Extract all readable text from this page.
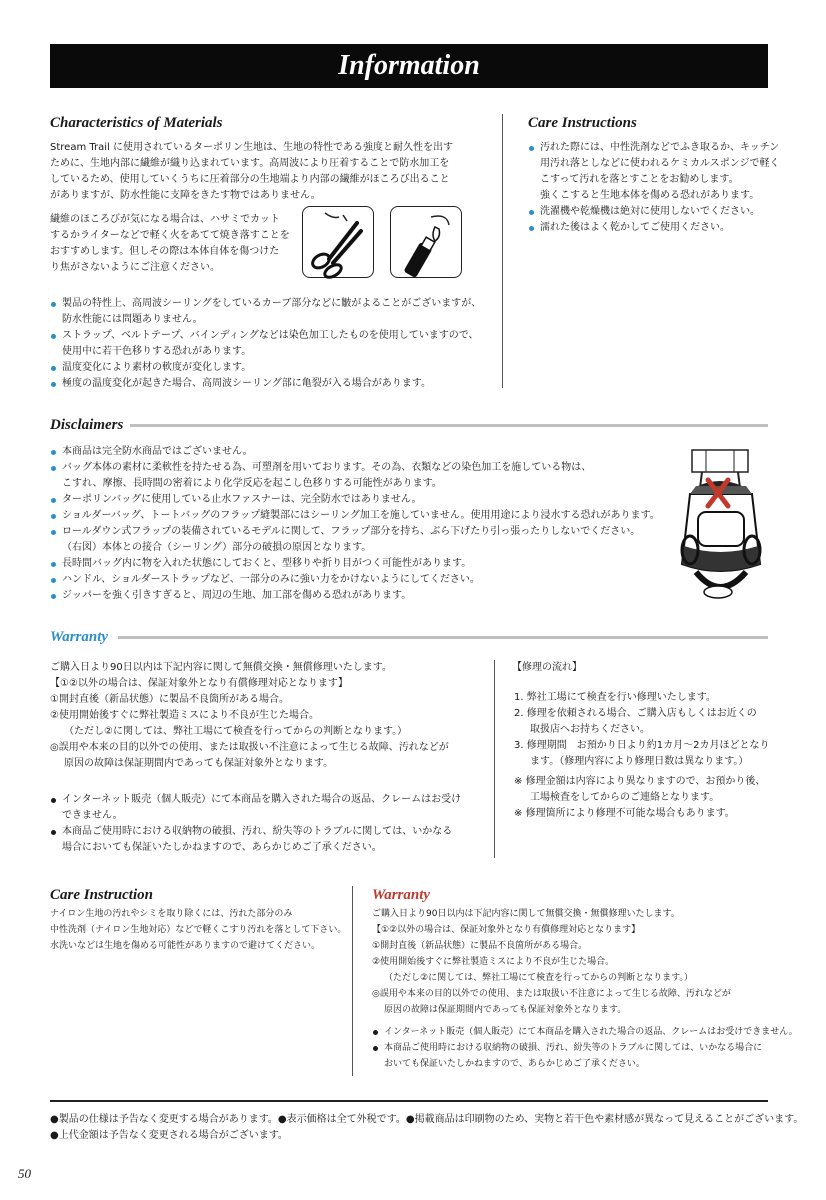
Information
Characteristics of Materials

Stream Trail に使用されているターポリン生地は、生地の特性である強度と耐久性を出す

ために、生地内部に繊維が織り込まれています。高周波により圧着することで防水加工を

しているため、使用していくうちに圧着部分の生地端より内部の繊維がほころび出ること

がありますが、防水性能に支障をきたす物ではありません。

繊維のほころびが気になる場合は、ハサミでカット

するかライターなどで軽く火をあてて焼き落すことを

おすすめします。但しその際は本体自体を傷つけた

り焦がさないようにご注意ください。

製品の特性上、高周波シーリングをしているカーブ部分などに皺がよることがございますが、
防水性能には問題ありません。
ストラップ、ベルトテープ、バインディングなどは染色加工したものを使用していますので、
使用中に若干色移りする恐れがあります。
温度変化により素材の軟度が変化します。
極度の温度変化が起きた場合、高周波シーリング部に亀裂が入る場合があります。
Care Instructions
汚れた際には、中性洗剤などでふき取るか、キッチン
用汚れ落としなどに使われるケミカルスポンジで軽く
こすって汚れを落とすことをお勧めします。
強くこすると生地本体を傷める恐れがあります。
洗濯機や乾燥機は絶対に使用しないでください。
濡れた後はよく乾かしてご使用ください。
Disclaimers
本商品は完全防水商品ではございません。
バッグ本体の素材に柔軟性を持たせる為、可塑剤を用いております。その為、衣類などの染色加工を施している物は、
こすれ、摩擦、長時間の密着により化学反応を起こし色移りする可能性があります。
ターポリンバッグに使用している止水ファスナーは、完全防水ではありません。
ショルダーバッグ、トートバッグのフラップ縫製部にはシーリング加工を施していません。使用用途により浸水する恐れがあります。
ロールダウン式フラップの装備されているモデルに関して、フラップ部分を持ち、ぶら下げたり引っ張ったりしないでください。
（右図）本体との接合（シーリング）部分の破損の原因となります。
長時間バッグ内に物を入れた状態にしておくと、型移りや折り目がつく可能性があります。
ハンドル、ショルダーストラップなど、一部分のみに強い力をかけないようにしてください。
ジッパーを強く引きすぎると、周辺の生地、加工部を傷める恐れがあります。
Warranty

ご購入日より90日以内は下記内容に関して無償交換・無償修理いたします。

【①②以外の場合は、保証対象外となり有償修理対応となります】

①開封直後（新品状態）に製品不良箇所がある場合。

②使用開始後すぐに弊社製造ミスにより不良が生じた場合。

（ただし②に関しては、弊社工場にて検査を行ってからの判断となります。）

◎誤用や本来の目的以外での使用、または取扱い不注意によって生じる故障、汚れなどが

原因の故障は保証期間内であっても保証対象外となります。

インターネット販売（個人販売）にて本商品を購入された場合の返品、クレームはお受け
できません。
本商品ご使用時における収納物の破損、汚れ、紛失等のトラブルに関しては、いかなる
場合においても保証いたしかねますので、あらかじめご了承ください。

【修理の流れ】

1. 弊社工場にて検査を行い修理いたします。

2. 修理を依頼される場合、ご購入店もしくはお近くの

取扱店へお持ちください。

3. 修理期間　お預かり日より約1カ月〜2カ月ほどとなり

ます。（修理内容により修理日数は異なります。）

※ 修理金額は内容により異なりますので、お預かり後、

工場検査をしてからのご連絡となります。

※ 修理箇所により修理不可能な場合もあります。

Care Instruction

ナイロン生地の汚れやシミを取り除くには、汚れた部分のみ

中性洗剤（ナイロン生地対応）などで軽くこすり汚れを落として下さい。

水洗いなどは生地を傷める可能性がありますので避けてください。

Warranty

ご購入日より90日以内は下記内容に関して無償交換・無償修理いたします。

【①②以外の場合は、保証対象外となり有償修理対応となります】

①開封直後（新品状態）に製品不良箇所がある場合。

②使用開始後すぐに弊社製造ミスにより不良が生じた場合。

（ただし②に関しては、弊社工場にて検査を行ってからの判断となります。）

◎誤用や本来の目的以外での使用、または取扱い不注意によって生じる故障、汚れなどが

原因の故障は保証期間内であっても保証対象外となります。

インターネット販売（個人販売）にて本商品を購入された場合の返品、クレームはお受けできません。
本商品ご使用時における収納物の破損、汚れ、紛失等のトラブルに関しては、いかなる場合に
おいても保証いたしかねますので、あらかじめご了承ください。
●製品の仕様は予告なく変更する場合があります。●表示価格は全て外税です。●掲載商品は印刷物のため、実物と若干色や素材感が異なって見えることがございます。
●上代金額は予告なく変更される場合がございます。
50
